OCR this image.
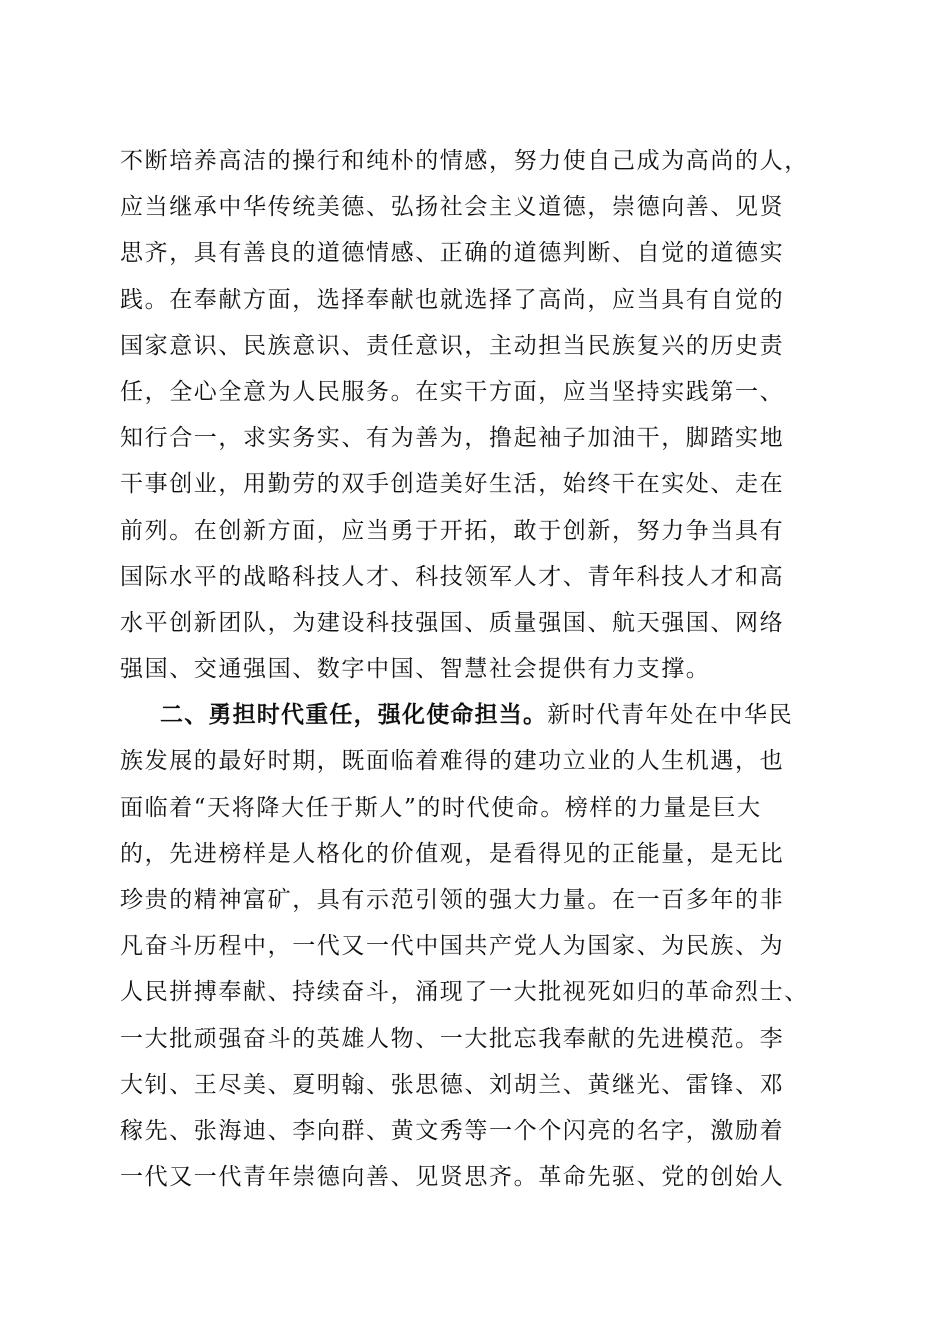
不断培养高洁的操行和纯朴的情感，努力使自己成为高尚的人，
应当继承中华传统美德、弘扬社会主义道德，崇德向善、见贤
思齐，具有善良的道德情感、正确的道德判断、自觉的道德实
践。在奉献方面，选择奉献也就选择了高尚，应当具有自觉的
国家意识、民族意识、责任意识，主动担当民族复兴的历史责
任，全心全意为人民服务。在实干方面，应当坚持实践第一、
知行合一，求实务实、有为善为，撸起袖子加油干，脚踏实地
干事创业，用勤劳的双手创造美好生活，始终干在实处、走在
前列。在创新方面，应当勇于开拓，敢于创新，努力争当具有
国际水平的战略科技人才、科技领军人才、青年科技人才和高
水平创新团队，为建设科技强国、质量强国、航天强国、网络
强国、交通强国、数字中国、智慧社会提供有力支撑。
二、勇担时代重任，强化使命担当。新时代青年处在中华民
族发展的最好时期，既面临着难得的建功立业的人生机遇，也
面临着“天将降大任于斯人”的时代使命。榜样的力量是巨大
的，先进榜样是人格化的价值观，是看得见的正能量，是无比
珍贵的精神富矿，具有示范引领的强大力量。在一百多年的非
凡奋斗历程中，一代又一代中国共产党人为国家、为民族、为
人民拼搏奉献、持续奋斗，涌现了一大批视死如归的革命烈士、
一大批顽强奋斗的英雄人物、一大批忘我奉献的先进模范。李
大钊、王尽美、夏明翰、张思德、刘胡兰、黄继光、雷锋、邓
稼先、张海迪、李向群、黄文秀等一个个闪亮的名字，激励着
一代又一代青年崇德向善、见贤思齐。革命先驱、党的创始人
